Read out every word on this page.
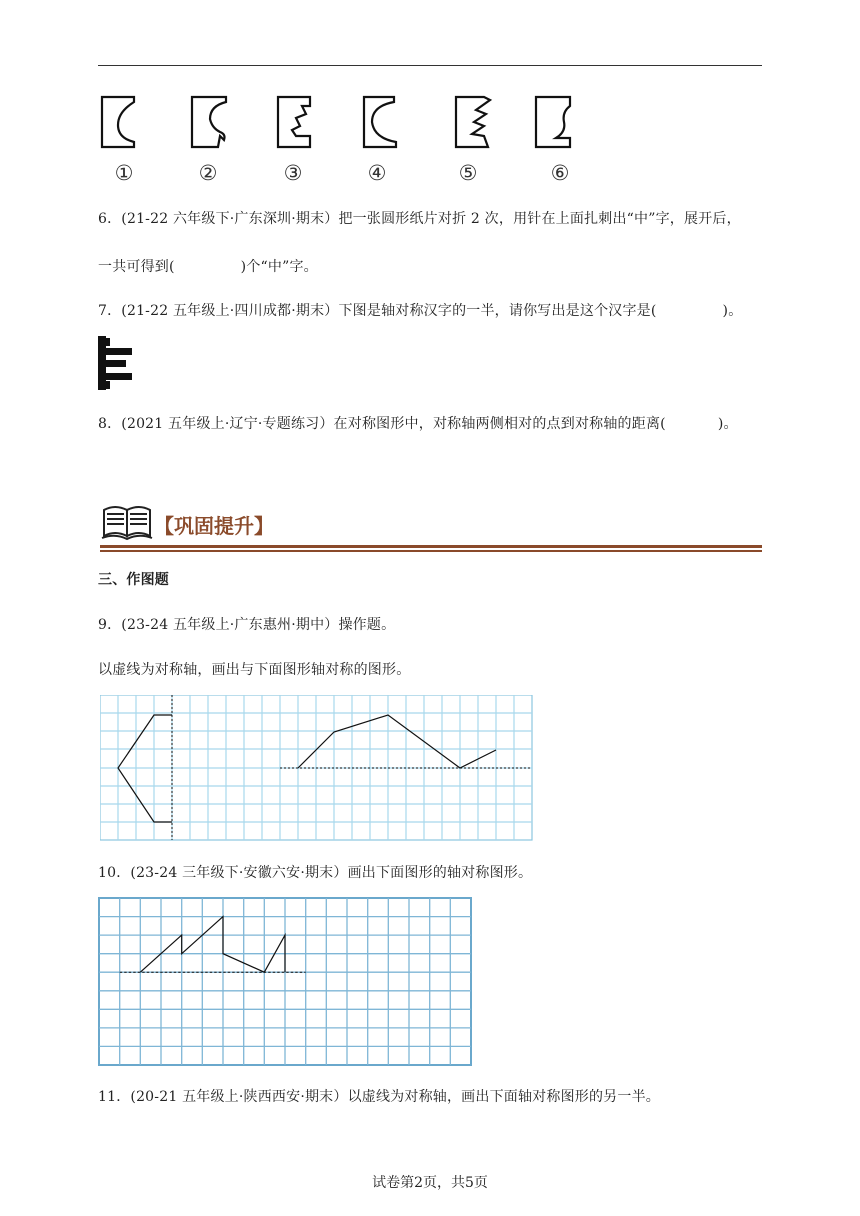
①	②	③	④	⑤	⑥
6．(21-22 六年级下·广东深圳·期末）把一张圆形纸片对折 2 次，用针在上面扎刺出“中”字，展开后，
一共可得到(	)个“中”字。
7．(21-22 五年级上·四川成都·期末）下图是轴对称汉字的一半，请你写出是这个汉字是(	)。
8．(2021 五年级上·辽宁·专题练习）在对称图形中，对称轴两侧相对的点到对称轴的距离(	)。
【巩固提升】
三、作图题
9．(23-24 五年级上·广东惠州·期中）操作题。
以虚线为对称轴，画出与下面图形轴对称的图形。
10．(23-24 三年级下·安徽六安·期末）画出下面图形的轴对称图形。
11．(20-21 五年级上·陕西西安·期末）以虚线为对称轴，画出下面轴对称图形的另一半。
试卷第2页，共5页
